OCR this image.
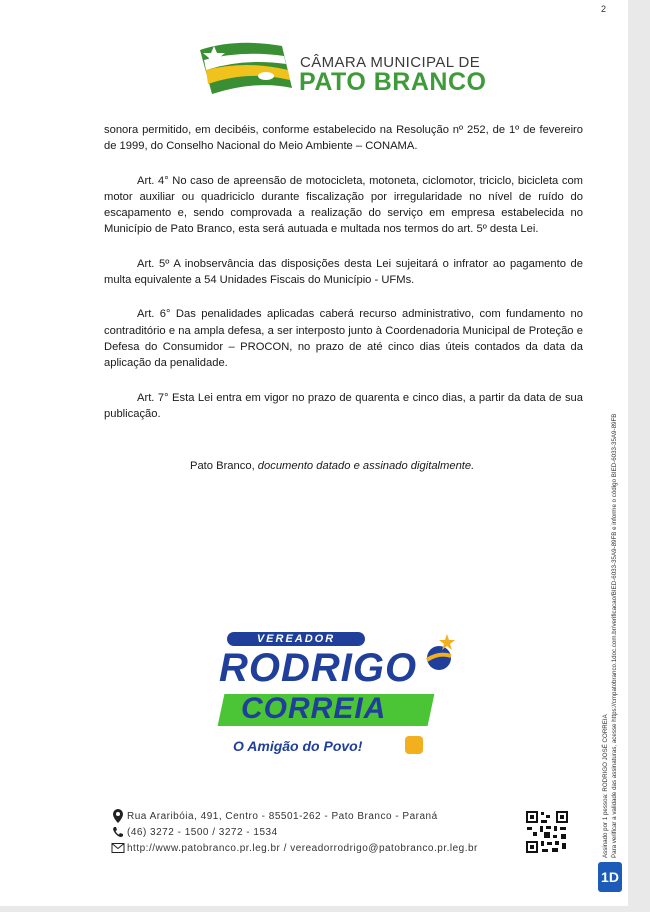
2
CÂMARA MUNICIPAL DE
PATO BRANCO

sonora permitido, em decibéis, conforme estabelecido na Resolução nº 252, de 1º de fevereiro de 1999, do Conselho Nacional do Meio Ambiente – CONAMA.

Art. 4° No caso de apreensão de motocicleta, motoneta, ciclomotor, triciclo, bicicleta com motor auxiliar ou quadriciclo durante fiscalização por irregularidade no nível de ruído do escapamento e, sendo comprovada a realização do serviço em empresa estabelecida no Município de Pato Branco, esta será autuada e multada nos termos do art. 5º desta Lei.

Art. 5º A inobservância das disposições desta Lei sujeitará o infrator ao pagamento de multa equivalente a 54 Unidades Fiscais do Município - UFMs.

Art. 6° Das penalidades aplicadas caberá recurso administrativo, com fundamento no contraditório e na ampla defesa, a ser interposto junto à Coordenadoria Municipal de Proteção e Defesa do Consumidor – PROCON, no prazo de até cinco dias úteis contados da data da aplicação da penalidade.

Art. 7° Esta Lei entra em vigor no prazo de quarenta e cinco dias, a partir da data de sua publicação.

Pato Branco, documento datado e assinado digitalmente.
VEREADOR
RODRIGO
CORREIA
O Amigão do Povo!
Rua Araribóia, 491, Centro - 85501-262 - Pato Branco - Paraná
(46) 3272 - 1500 / 3272 - 1534
http://www.patobranco.pr.leg.br / vereadorrodrigo@patobranco.pr.leg.br	Assinado por 1 pessoa: RODRIGO JOSÉ CORREIA Para verificar a validade das assinaturas, acesse https://cmpatobranco.1doc.com.br/verificacao/BIED-6033-35A9-89FB e informe o código BIED-6033-35A9-89FB
1D
